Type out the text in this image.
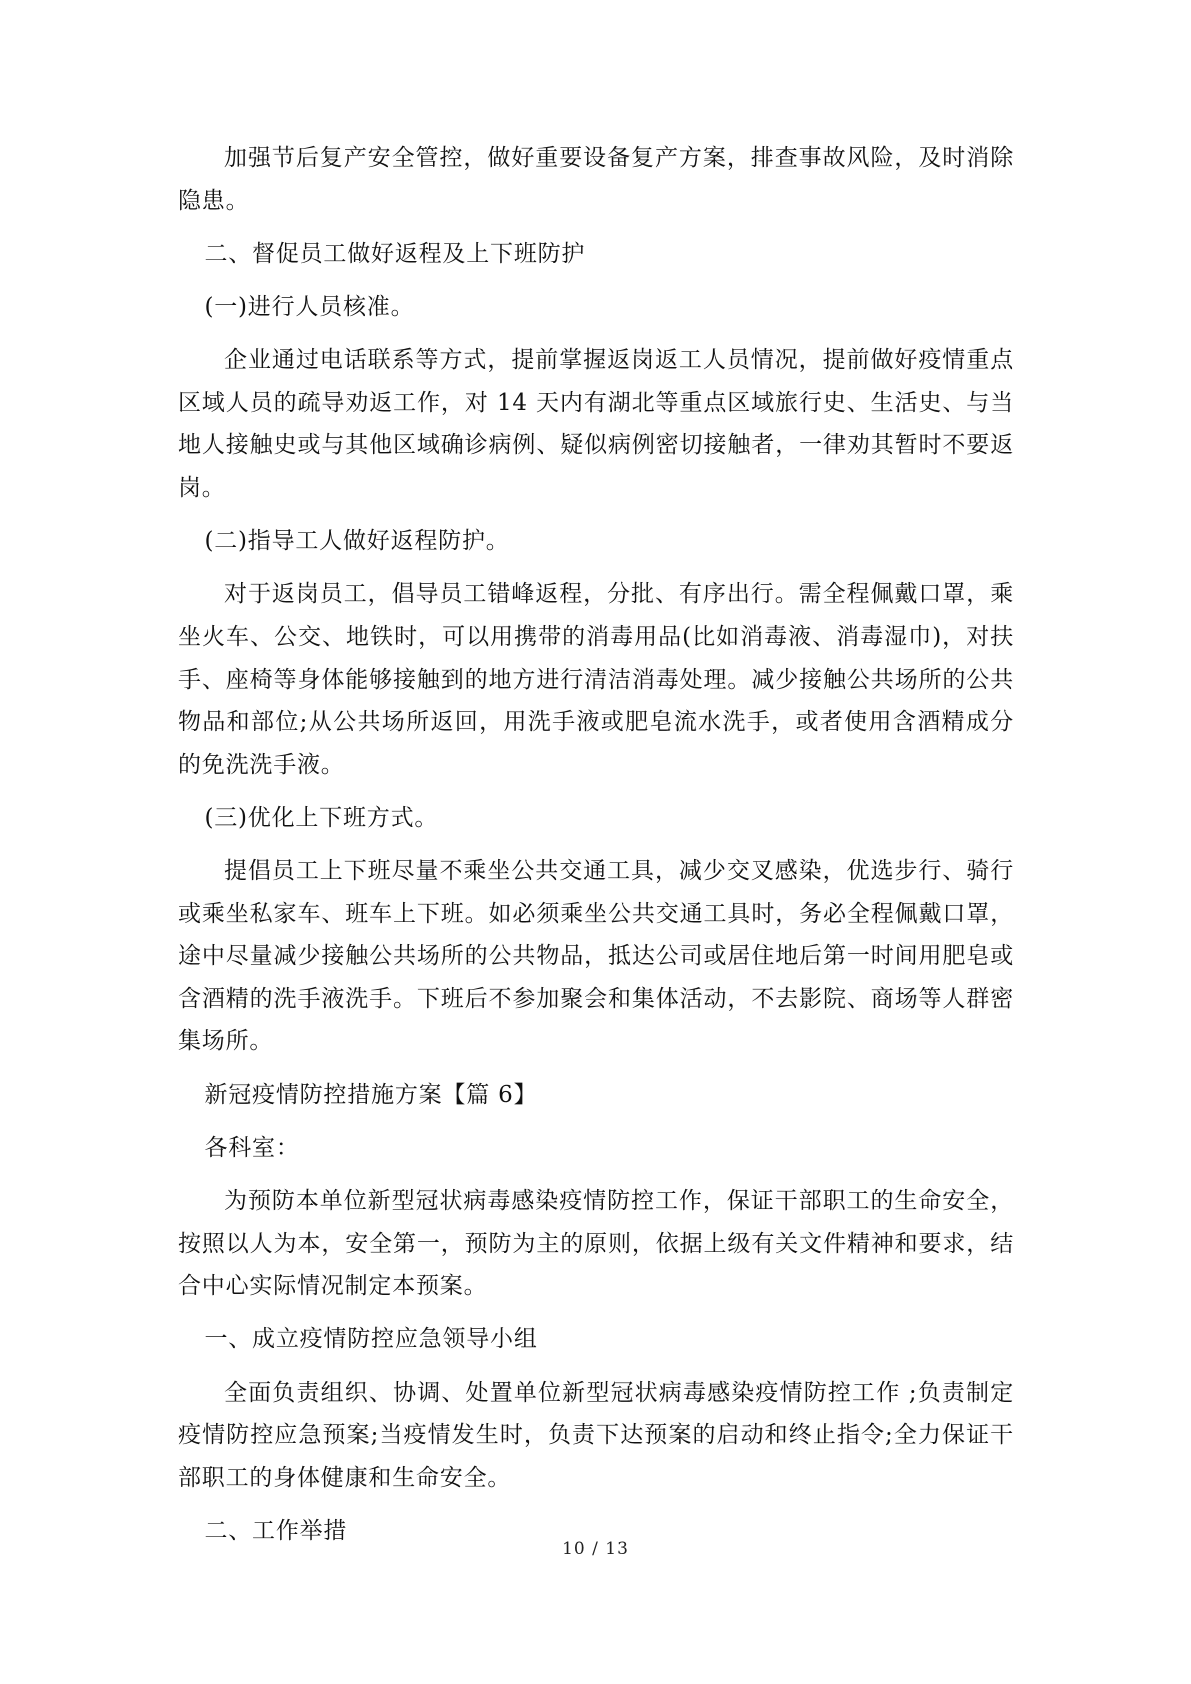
加强节后复产安全管控，做好重要设备复产方案，排查事故风险，及时消除隐患。

二、督促员工做好返程及上下班防护

(一)进行人员核准。

企业通过电话联系等方式，提前掌握返岗返工人员情况，提前做好疫情重点区域人员的疏导劝返工作，对 14 天内有湖北等重点区域旅行史、生活史、与当地人接触史或与其他区域确诊病例、疑似病例密切接触者，一律劝其暂时不要返岗。

(二)指导工人做好返程防护。

对于返岗员工，倡导员工错峰返程，分批、有序出行。需全程佩戴口罩，乘坐火车、公交、地铁时，可以用携带的消毒用品(比如消毒液、消毒湿巾)，对扶手、座椅等身体能够接触到的地方进行清洁消毒处理。减少接触公共场所的公共物品和部位;从公共场所返回，用洗手液或肥皂流水洗手，或者使用含酒精成分的免洗洗手液。

(三)优化上下班方式。

提倡员工上下班尽量不乘坐公共交通工具，减少交叉感染，优选步行、骑行或乘坐私家车、班车上下班。如必须乘坐公共交通工具时，务必全程佩戴口罩，途中尽量减少接触公共场所的公共物品，抵达公司或居住地后第一时间用肥皂或含酒精的洗手液洗手。下班后不参加聚会和集体活动，不去影院、商场等人群密集场所。

新冠疫情防控措施方案【篇 6】

各科室：

为预防本单位新型冠状病毒感染疫情防控工作，保证干部职工的生命安全，按照以人为本，安全第一，预防为主的原则，依据上级有关文件精神和要求，结合中心实际情况制定本预案。

一、成立疫情防控应急领导小组

全面负责组织、协调、处置单位新型冠状病毒感染疫情防控工作 ;负责制定疫情防控应急预案;当疫情发生时，负责下达预案的启动和终止指令;全力保证干部职工的身体健康和生命安全。

二、工作举措

10 / 13
